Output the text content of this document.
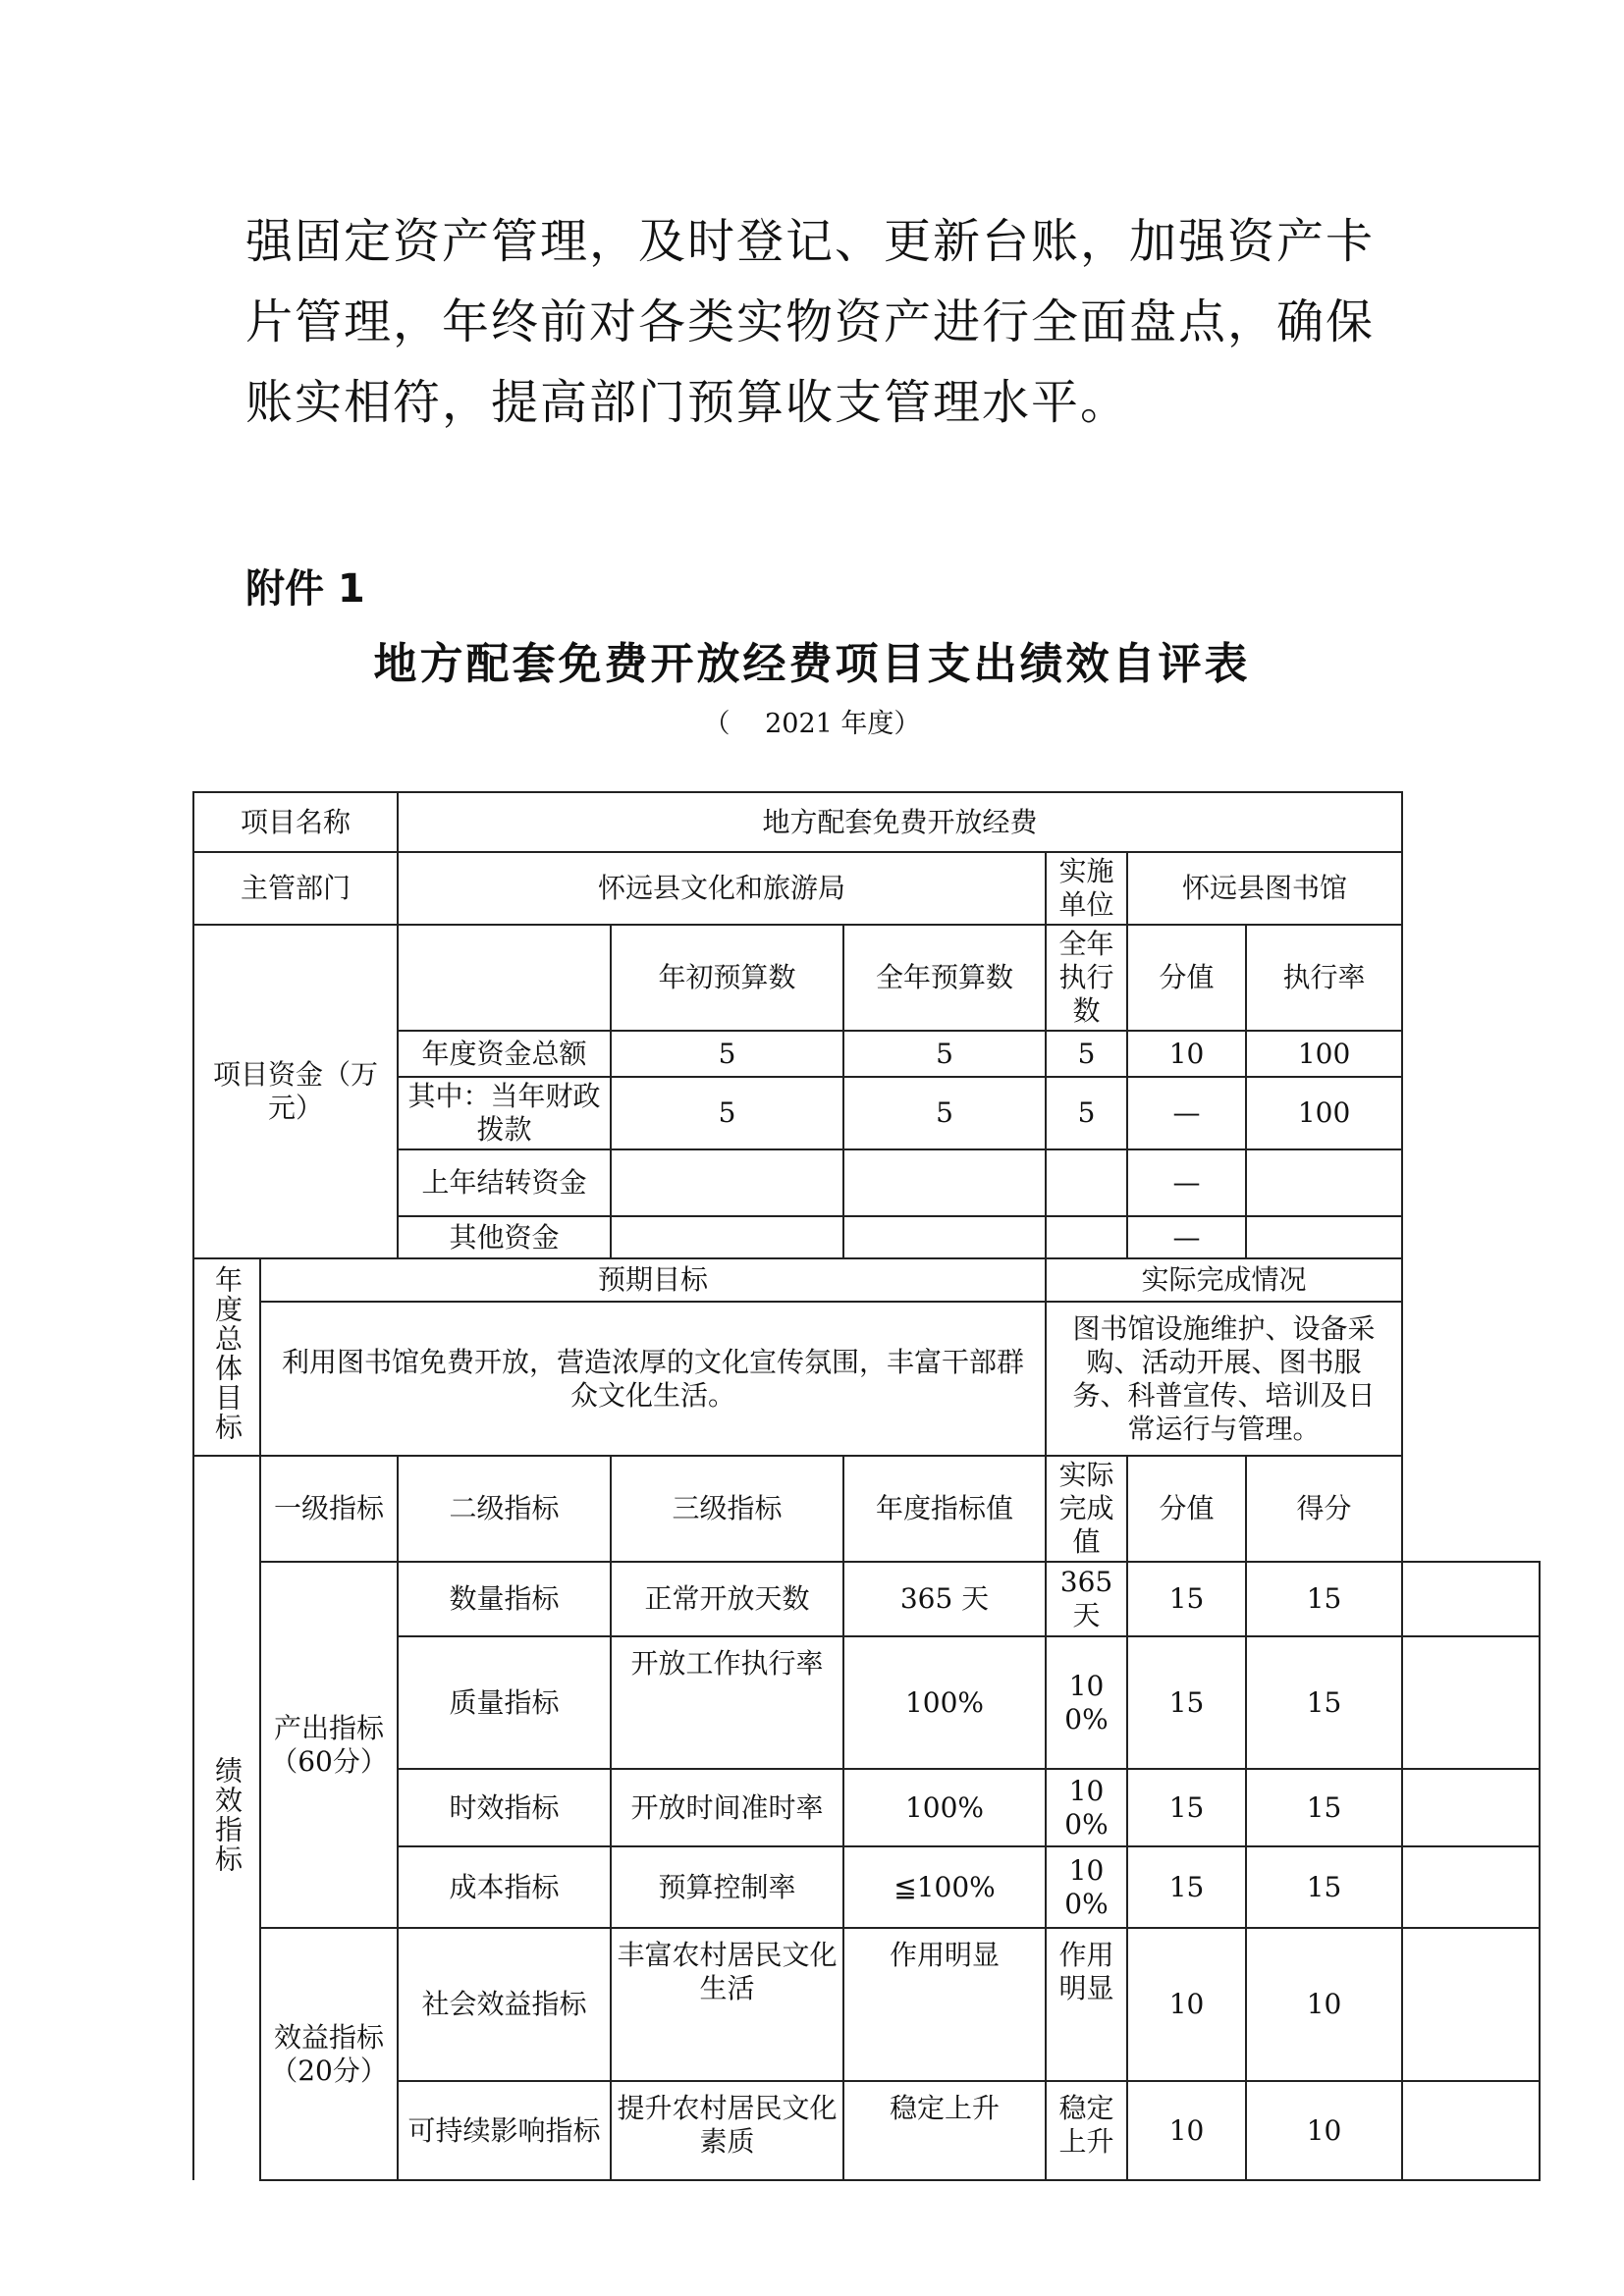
强固定资产管理，及时登记、更新台账，加强资产卡
片管理，年终前对各类实物资产进行全面盘点，确保
账实相符，提高部门预算收支管理水平。
附件 1
地方配套免费开放经费项目支出绩效自评表
（　 2021 年度）
项目名称		地方配套免费开放经费						
主管部门		怀远县文化和旅游局			实施单位	怀远县图书馆		
项目资金（万元）			年初预算数	全年预算数	全年执行数	分值	执行率	
		年度资金总额	5	5	5	10	100	
		其中：当年财政拨款	5	5	5	—	100	
		上年结转资金				—		
		其他资金				—		
年度总体目标	预期目标				实际完成情况			
	利用图书馆免费开放，营造浓厚的文化宣传氛围，丰富干部群众文化生活。				图书馆设施维护、设备采购、活动开展、图书服务、科普宣传、培训及日常运行与管理。			
绩效指标	一级指标	二级指标	三级指标	年度指标值	实际完成值	分值	得分	
	产出指标（60分）	数量指标	正常开放天数	365 天	365 天	15	15	
		质量指标	开放工作执行率	100%	100%	15	15	
		时效指标	开放时间准时率	100%	100%	15	15	
		成本指标	预算控制率	≦100%	100%	15	15	
	效益指标（20分）	社会效益指标	丰富农村居民文化生活	作用明显	作用明显	10	10	
		可持续影响指标	提升农村居民文化素质	稳定上升	稳定上升	10	10	
